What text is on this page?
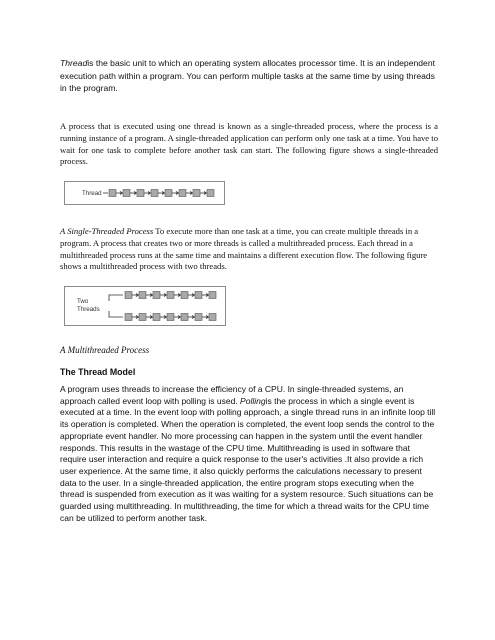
Threadis the basic unit to which an operating system allocates processor time. It is an independent execution path within a program. You can perform multiple tasks at the same time by using threads in the program.
A process that is executed using one thread is known as a single-threaded process, where the process is a running instance of a program. A single-threaded application can perform only one task at a time. You have to wait for one task to complete before another task can start. The following figure shows a single-threaded process.
Thread
A Single-Threaded Process To execute more than one task at a time, you can create multiple threads in a program. A process that creates two or more threads is called a multithreaded process. Each thread in a multithreaded process runs at the same time and maintains a different execution flow. The following figure shows a multithreaded process with two threads.
Two
Threads
A Multithreaded Process
The Thread Model
A program uses threads to increase the efficiency of a CPU. In single-threaded systems, an approach called event loop with polling is used. Pollingis the process in which a single event is executed at a time. In the event loop with polling approach, a single thread runs in an infinite loop till its operation is completed. When the operation is completed, the event loop sends the control to the appropriate event handler. No more processing can happen in the system until the event handler responds. This results in the wastage of the CPU time. Multithreading is used in software that require user interaction and require a quick response to the user's activities .It also provide a rich user experience. At the same time, it also quickly performs the calculations necessary to present data to the user. In a single-threaded application, the entire program stops executing when the thread is suspended from execution as it was waiting for a system resource. Such situations can be guarded using multithreading. In multithreading, the time for which a thread waits for the CPU time can be utilized to perform another task.
